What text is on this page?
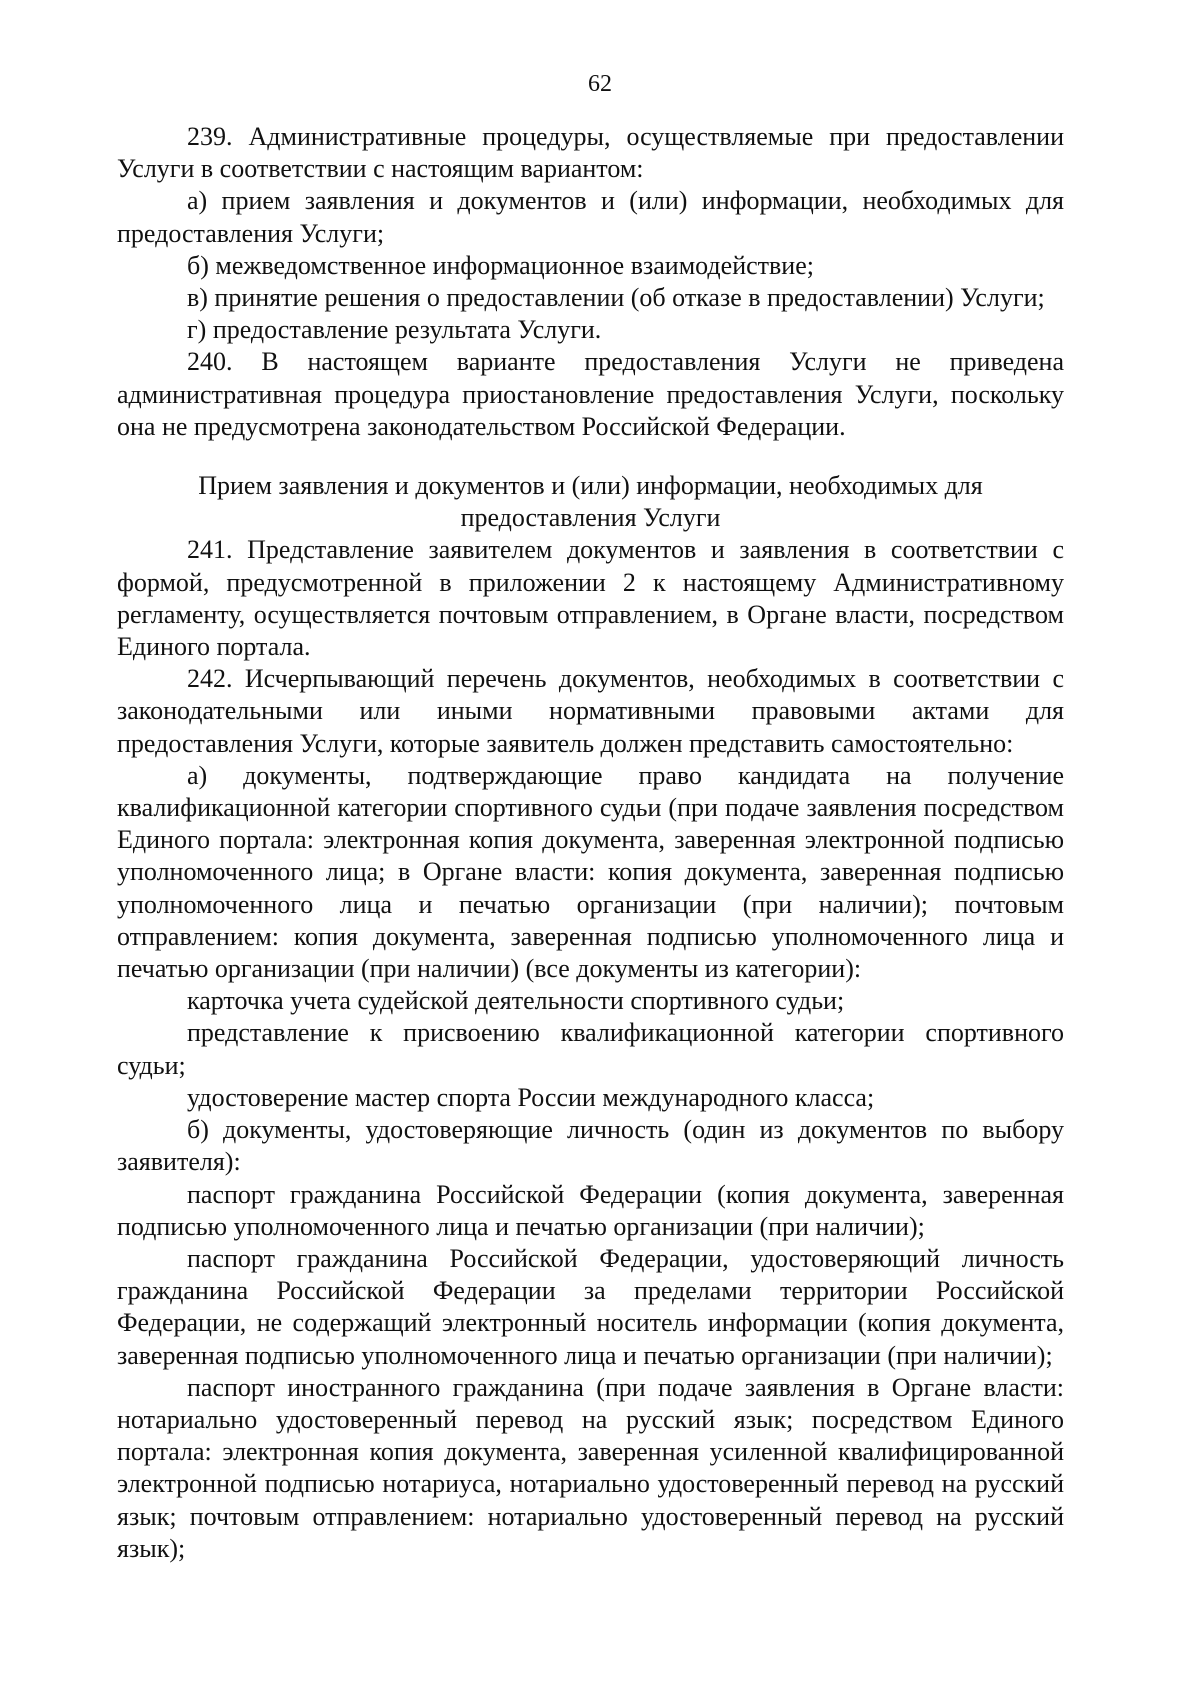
62

239. Административные процедуры, осуществляемые при предоставлении Услуги в соответствии с настоящим вариантом:

а) прием заявления и документов и (или) информации, необходимых для предоставления Услуги;

б) межведомственное информационное взаимодействие;

в) принятие решения о предоставлении (об отказе в предоставлении) Услуги;

г) предоставление результата Услуги.

240. В настоящем варианте предоставления Услуги не приведена административная процедура приостановление предоставления Услуги, поскольку она не предусмотрена законодательством Российской Федерации.

Прием заявления и документов и (или) информации, необходимых для предоставления Услуги

241. Представление заявителем документов и заявления в соответствии с формой, предусмотренной в приложении 2 к настоящему Административному регламенту, осуществляется почтовым отправлением, в Органе власти, посредством Единого портала.

242. Исчерпывающий перечень документов, необходимых в соответствии с законодательными или иными нормативными правовыми актами для предоставления Услуги, которые заявитель должен представить самостоятельно:

а) документы, подтверждающие право кандидата на получение квалификационной категории спортивного судьи (при подаче заявления посредством Единого портала: электронная копия документа, заверенная электронной подписью уполномоченного лица; в Органе власти: копия документа, заверенная подписью уполномоченного лица и печатью организации (при наличии); почтовым отправлением: копия документа, заверенная подписью уполномоченного лица и печатью организации (при наличии) (все документы из категории):

карточка учета судейской деятельности спортивного судьи;

представление к присвоению квалификационной категории спортивного судьи;

удостоверение мастер спорта России международного класса;

б) документы, удостоверяющие личность (один из документов по выбору заявителя):

паспорт гражданина Российской Федерации (копия документа, заверенная подписью уполномоченного лица и печатью организации (при наличии);

паспорт гражданина Российской Федерации, удостоверяющий личность гражданина Российской Федерации за пределами территории Российской Федерации, не содержащий электронный носитель информации (копия документа, заверенная подписью уполномоченного лица и печатью организации (при наличии);

паспорт иностранного гражданина (при подаче заявления в Органе власти: нотариально удостоверенный перевод на русский язык; посредством Единого портала: электронная копия документа, заверенная усиленной квалифицированной электронной подписью нотариуса, нотариально удостоверенный перевод на русский язык; почтовым отправлением: нотариально удостоверенный перевод на русский язык);
